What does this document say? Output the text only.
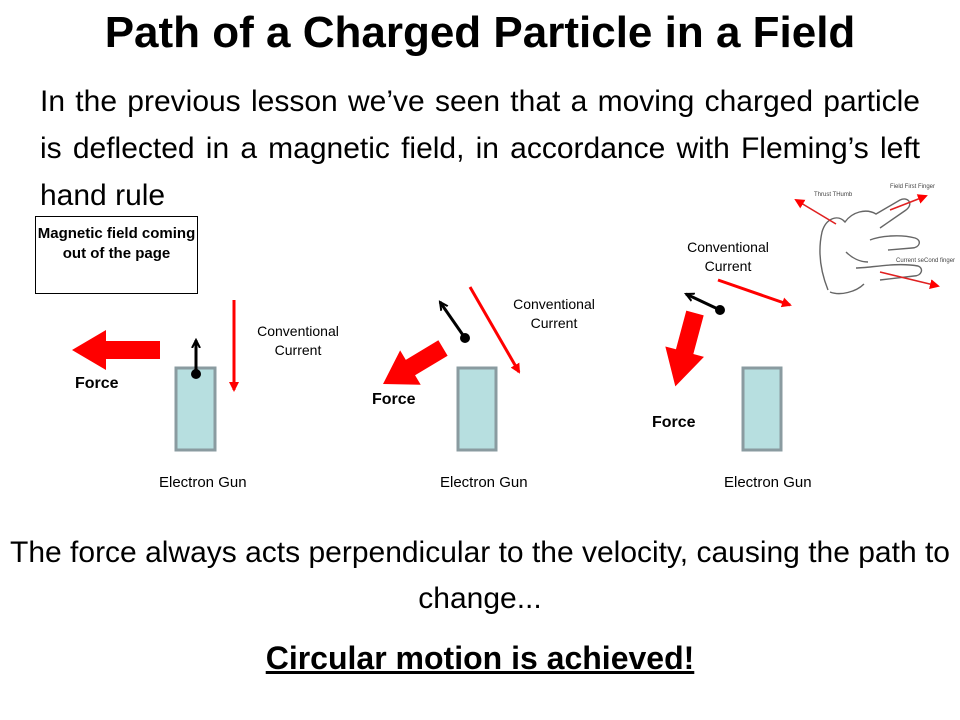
Path of a Charged Particle in a Field
In the previous lesson we’ve seen that a moving charged particle is deflected in a magnetic field, in accordance with Fleming’s left hand rule	Thrust THumb
Field First Finger
Current seCond finger
Magnetic field coming out of the page
Conventional Current
Force
Electron Gun
Conventional Current
Force
Electron Gun
Conventional Current
Force
Electron Gun
The force always acts perpendicular to the velocity, causing the path to change...
Circular motion is achieved!
